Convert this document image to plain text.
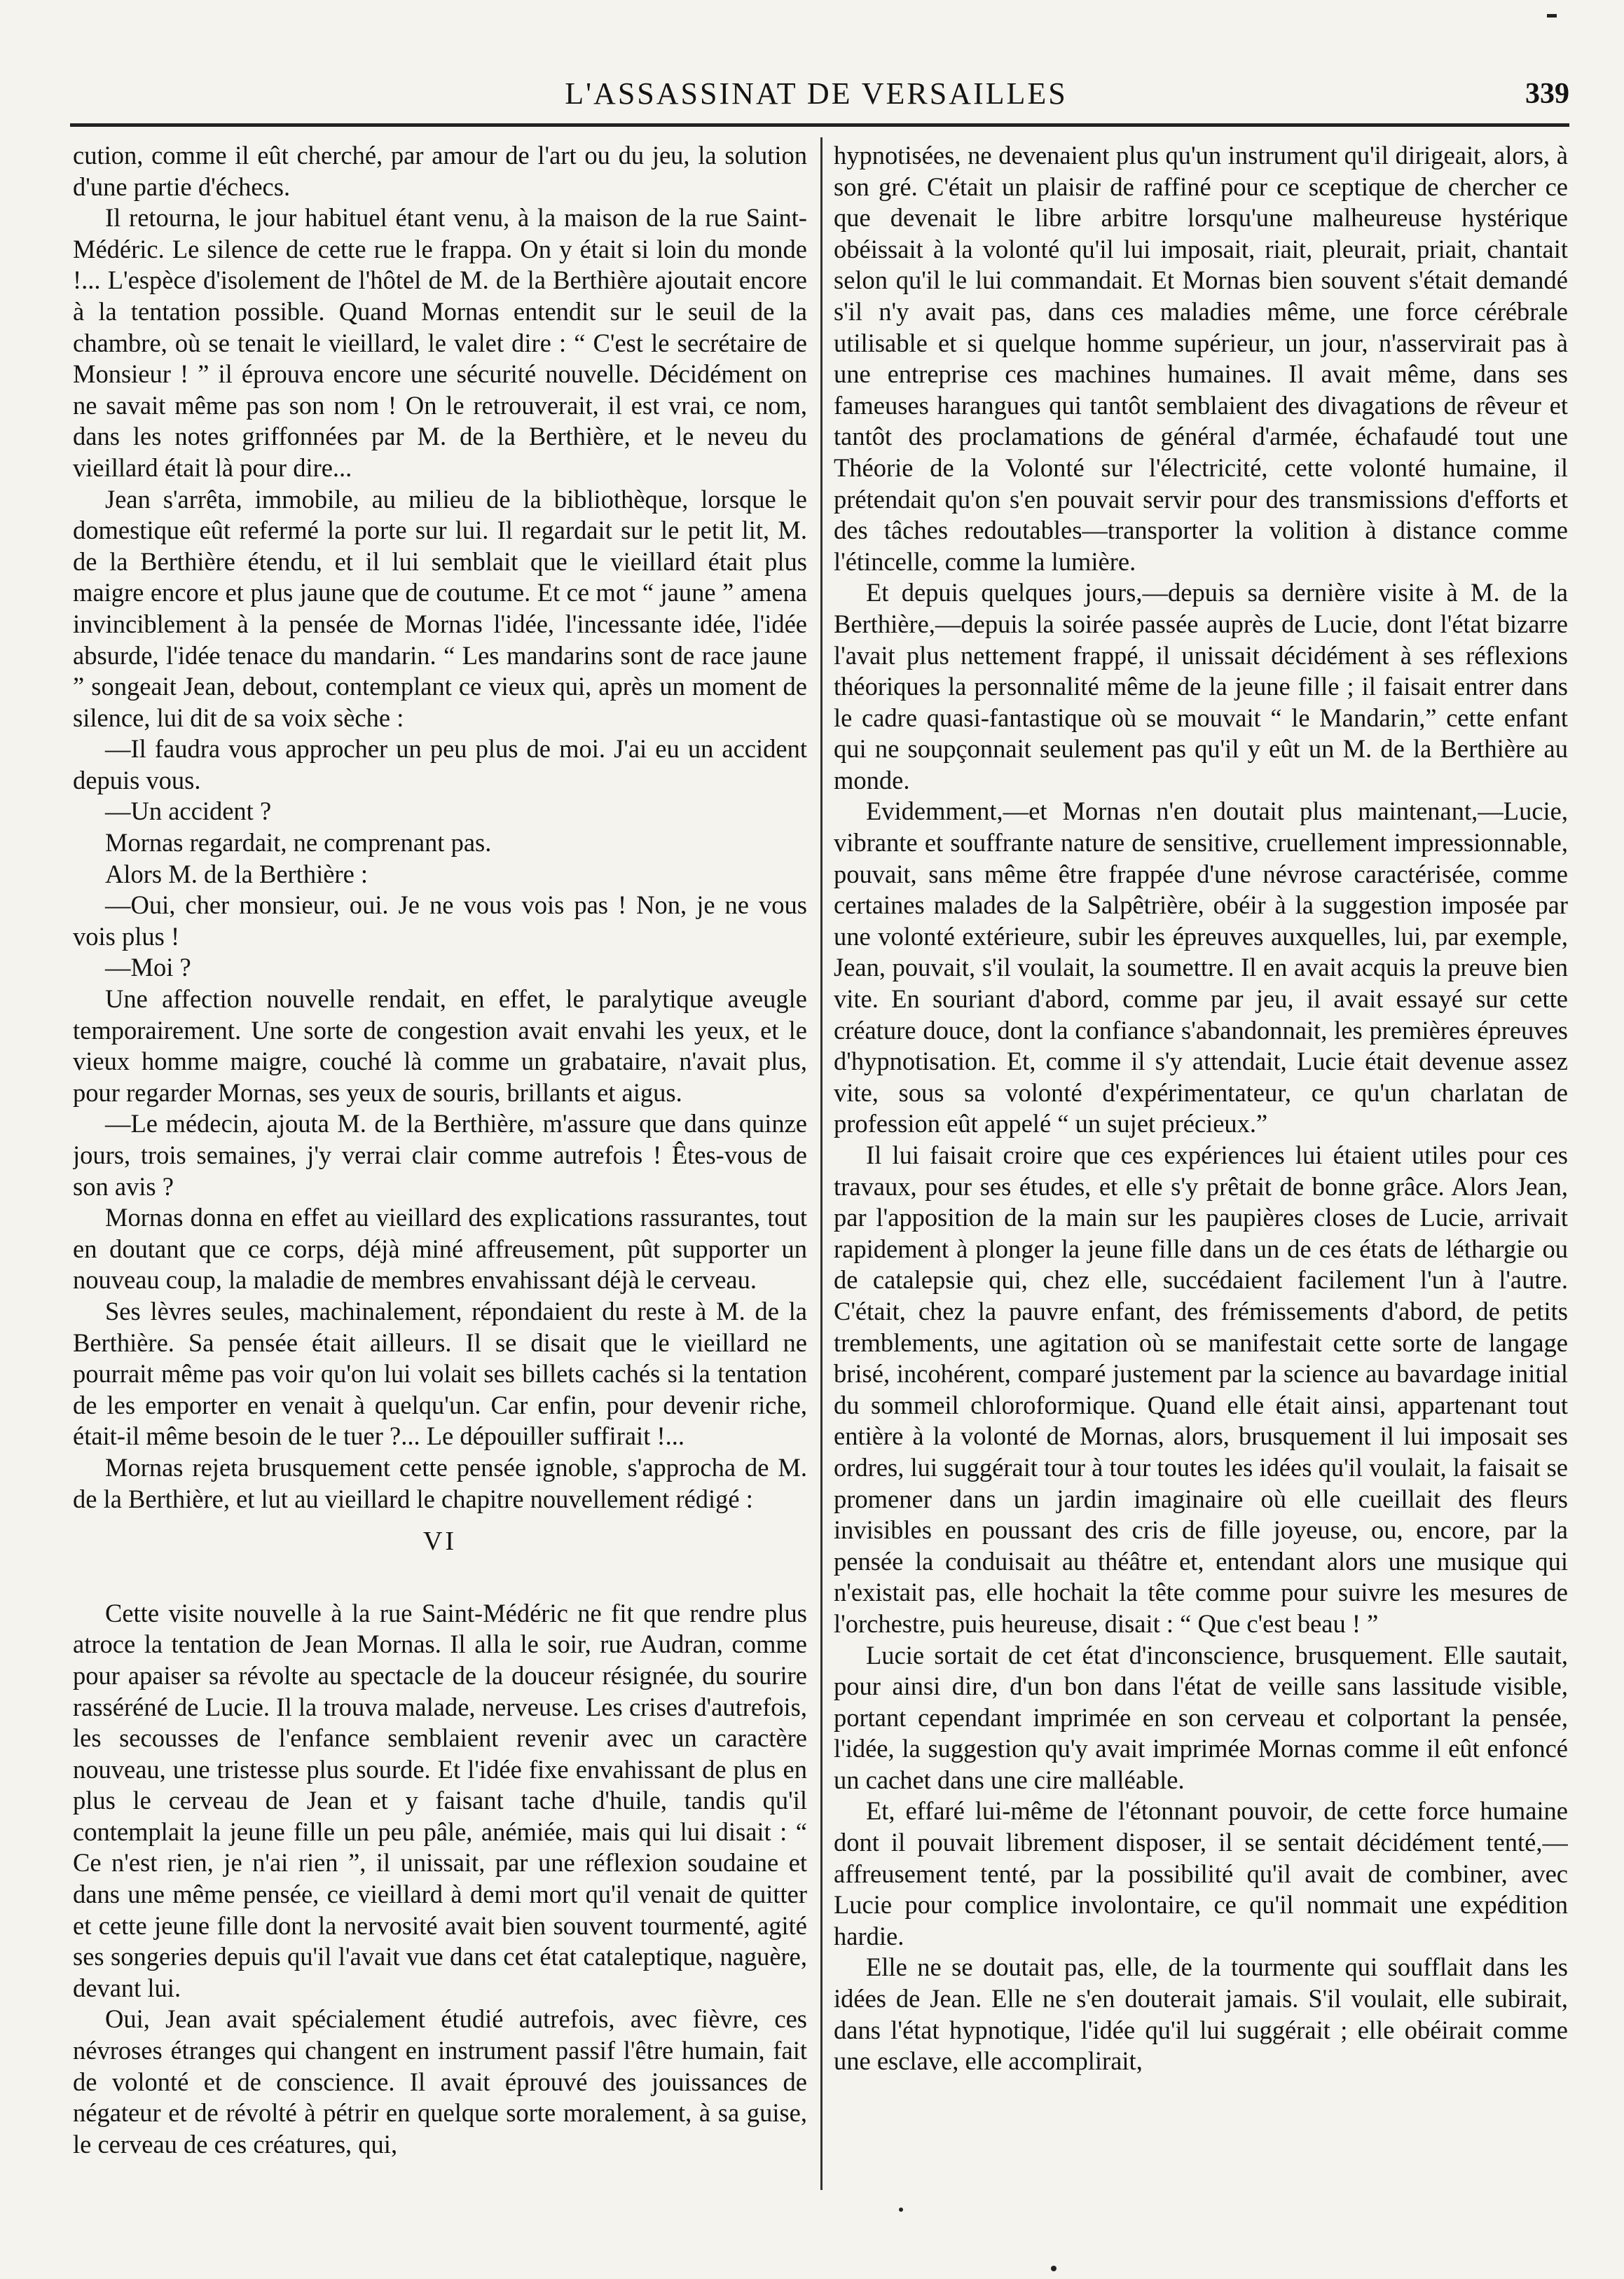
L'ASSASSINAT DE VERSAILLES	339

cution, comme il eût cherché, par amour de l'art ou du jeu, la solution d'une partie d'échecs.

Il retourna, le jour habituel étant venu, à la maison de la rue Saint-Médéric. Le silence de cette rue le frappa. On y était si loin du monde !... L'espèce d'isolement de l'hôtel de M. de la Berthière ajoutait encore à la tentation possible. Quand Mornas entendit sur le seuil de la chambre, où se tenait le vieillard, le valet dire : “ C'est le secrétaire de Monsieur ! ” il éprouva encore une sécurité nouvelle. Décidément on ne savait même pas son nom ! On le retrouverait, il est vrai, ce nom, dans les notes griffonnées par M. de la Berthière, et le neveu du vieillard était là pour dire...

Jean s'arrêta, immobile, au milieu de la bibliothèque, lorsque le domestique eût refermé la porte sur lui. Il regardait sur le petit lit, M. de la Berthière étendu, et il lui semblait que le vieillard était plus maigre encore et plus jaune que de coutume. Et ce mot “ jaune ” amena invinciblement à la pensée de Mornas l'idée, l'incessante idée, l'idée absurde, l'idée tenace du mandarin. “ Les mandarins sont de race jaune ” songeait Jean, debout, contemplant ce vieux qui, après un moment de silence, lui dit de sa voix sèche :

—Il faudra vous approcher un peu plus de moi. J'ai eu un accident depuis vous.

—Un accident ?

Mornas regardait, ne comprenant pas.

Alors M. de la Berthière :

—Oui, cher monsieur, oui. Je ne vous vois pas ! Non, je ne vous vois plus !

—Moi ?

Une affection nouvelle rendait, en effet, le paralytique aveugle temporairement. Une sorte de congestion avait envahi les yeux, et le vieux homme maigre, couché là comme un grabataire, n'avait plus, pour regarder Mornas, ses yeux de souris, brillants et aigus.

—Le médecin, ajouta M. de la Berthière, m'assure que dans quinze jours, trois semaines, j'y verrai clair comme autrefois ! Êtes-vous de son avis ?

Mornas donna en effet au vieillard des explications rassurantes, tout en doutant que ce corps, déjà miné affreusement, pût supporter un nouveau coup, la maladie de membres envahissant déjà le cerveau.

Ses lèvres seules, machinalement, répondaient du reste à M. de la Berthière. Sa pensée était ailleurs. Il se disait que le vieillard ne pourrait même pas voir qu'on lui volait ses billets cachés si la tentation de les emporter en venait à quelqu'un. Car enfin, pour devenir riche, était-il même besoin de le tuer ?... Le dépouiller suffirait !...

Mornas rejeta brusquement cette pensée ignoble, s'approcha de M. de la Berthière, et lut au vieillard le chapitre nouvellement rédigé :

VI

Cette visite nouvelle à la rue Saint-Médéric ne fit que rendre plus atroce la tentation de Jean Mornas. Il alla le soir, rue Audran, comme pour apaiser sa révolte au spectacle de la douceur résignée, du sourire rasséréné de Lucie. Il la trouva malade, nerveuse. Les crises d'autrefois, les secousses de l'enfance semblaient revenir avec un caractère nouveau, une tristesse plus sourde. Et l'idée fixe envahissant de plus en plus le cerveau de Jean et y faisant tache d'huile, tandis qu'il contemplait la jeune fille un peu pâle, anémiée, mais qui lui disait : “ Ce n'est rien, je n'ai rien ”, il unissait, par une réflexion soudaine et dans une même pensée, ce vieillard à demi mort qu'il venait de quitter et cette jeune fille dont la nervosité avait bien souvent tourmenté, agité ses songeries depuis qu'il l'avait vue dans cet état cataleptique, naguère, devant lui.

Oui, Jean avait spécialement étudié autrefois, avec fièvre, ces névroses étranges qui changent en instrument passif l'être humain, fait de volonté et de conscience. Il avait éprouvé des jouissances de négateur et de révolté à pétrir en quelque sorte moralement, à sa guise, le cerveau de ces créatures, qui,

hypnotisées, ne devenaient plus qu'un instrument qu'il dirigeait, alors, à son gré. C'était un plaisir de raffiné pour ce sceptique de chercher ce que devenait le libre arbitre lorsqu'une malheureuse hystérique obéissait à la volonté qu'il lui imposait, riait, pleurait, priait, chantait selon qu'il le lui commandait. Et Mornas bien souvent s'était demandé s'il n'y avait pas, dans ces maladies même, une force cérébrale utilisable et si quelque homme supérieur, un jour, n'asservirait pas à une entreprise ces machines humaines. Il avait même, dans ses fameuses harangues qui tantôt semblaient des divagations de rêveur et tantôt des proclamations de général d'armée, échafaudé tout une Théorie de la Volonté sur l'électricité, cette volonté humaine, il prétendait qu'on s'en pouvait servir pour des transmissions d'efforts et des tâches redoutables—transporter la volition à distance comme l'étincelle, comme la lumière.

Et depuis quelques jours,—depuis sa dernière visite à M. de la Berthière,—depuis la soirée passée auprès de Lucie, dont l'état bizarre l'avait plus nettement frappé, il unissait décidément à ses réflexions théoriques la personnalité même de la jeune fille ; il faisait entrer dans le cadre quasi-fantastique où se mouvait “ le Mandarin,” cette enfant qui ne soupçonnait seulement pas qu'il y eût un M. de la Berthière au monde.

Evidemment,—et Mornas n'en doutait plus maintenant,—Lucie, vibrante et souffrante nature de sensitive, cruellement impressionnable, pouvait, sans même être frappée d'une névrose caractérisée, comme certaines malades de la Salpêtrière, obéir à la suggestion imposée par une volonté extérieure, subir les épreuves auxquelles, lui, par exemple, Jean, pouvait, s'il voulait, la soumettre. Il en avait acquis la preuve bien vite. En souriant d'abord, comme par jeu, il avait essayé sur cette créature douce, dont la confiance s'abandonnait, les premières épreuves d'hypnotisation. Et, comme il s'y attendait, Lucie était devenue assez vite, sous sa volonté d'expérimentateur, ce qu'un charlatan de profession eût appelé “ un sujet précieux.”

Il lui faisait croire que ces expériences lui étaient utiles pour ces travaux, pour ses études, et elle s'y prêtait de bonne grâce. Alors Jean, par l'apposition de la main sur les paupières closes de Lucie, arrivait rapidement à plonger la jeune fille dans un de ces états de léthargie ou de catalepsie qui, chez elle, succédaient facilement l'un à l'autre. C'était, chez la pauvre enfant, des frémissements d'abord, de petits tremblements, une agitation où se manifestait cette sorte de langage brisé, incohérent, comparé justement par la science au bavardage initial du sommeil chloroformique. Quand elle était ainsi, appartenant tout entière à la volonté de Mornas, alors, brusquement il lui imposait ses ordres, lui suggérait tour à tour toutes les idées qu'il voulait, la faisait se promener dans un jardin imaginaire où elle cueillait des fleurs invisibles en poussant des cris de fille joyeuse, ou, encore, par la pensée la conduisait au théâtre et, entendant alors une musique qui n'existait pas, elle hochait la tête comme pour suivre les mesures de l'orchestre, puis heureuse, disait : “ Que c'est beau ! ”

Lucie sortait de cet état d'inconscience, brusquement. Elle sautait, pour ainsi dire, d'un bon dans l'état de veille sans lassitude visible, portant cependant imprimée en son cerveau et colportant la pensée, l'idée, la suggestion qu'y avait imprimée Mornas comme il eût enfoncé un cachet dans une cire malléable.

Et, effaré lui-même de l'étonnant pouvoir, de cette force humaine dont il pouvait librement disposer, il se sentait décidément tenté,—affreusement tenté, par la possibilité qu'il avait de combiner, avec Lucie pour complice involontaire, ce qu'il nommait une expédition hardie.

Elle ne se doutait pas, elle, de la tourmente qui soufflait dans les idées de Jean. Elle ne s'en douterait jamais. S'il voulait, elle subirait, dans l'état hypnotique, l'idée qu'il lui suggérait ; elle obéirait comme une esclave, elle accomplirait,
